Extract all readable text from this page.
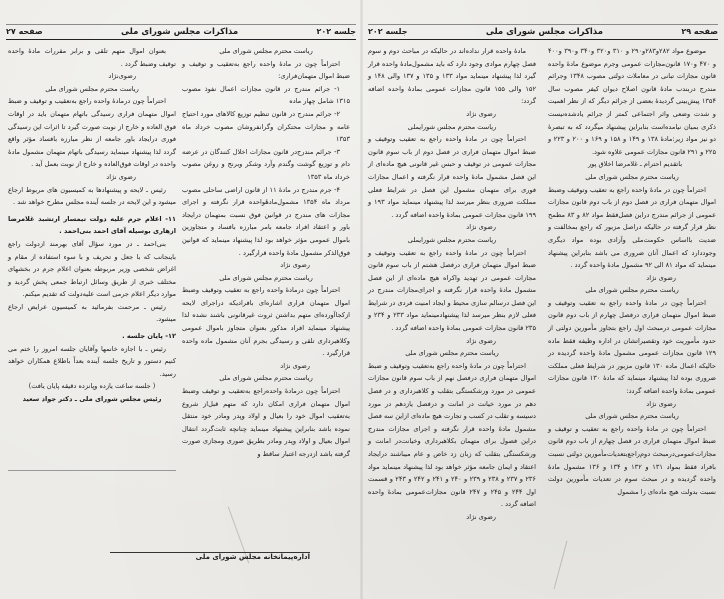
جلسه ۲۰۲
مذاکرات مجلس شورای ملی
صفحه ۲۷

ریاست محترم مجلس شورای ملی

احتراماً چون در مادهٔ واحده راجع به‌تعقیب و توقیف و ضبط اموال متهمان‌فراری:

۱- جرائم مندرج در قانون مجازات اعمال نفوذ مصوب ۱۳۱۵ شامل چهار ماده

۲- جرائم مندرج در قانون تنظیم توزیع کالاهای مورد احتیاج عامه و مجازات محتکران وگرانفروشان مصوب خرداد ماه ۱۳۵۳

۳- جرائم مندرج‌در قانون مجازات اخلال کنندگان در عرضه دام و توزیع گوشت وگندم وآرد وشکر وبرنج و روغن مصوب خرداد ماه ۱۳۵۳

۴- جرم مندرج در مادهٔ ۱۱ از قانون اراضی ساحلی مصوب مرداد ماه ۱۳۵۴ مشمول‌مادهٔواحده قرار نگرفته و اجرای مجازات های مندرج در قوانین فوق نسبت بمتهمان درایجاد باور و اعتقاد افراد جامعه بامر مبارزه بافساد و متجاوزین باموال عمومی مؤثر خواهد بود لذا پیشنهاد مینماید که قوانین فوق‌الذکر مشمول مادهٔ واحده قرارگیرد .

رضوی نژاد

ریاست محترم مجلس شورای ملی

احتراماً چون درمادهٔ واحده راجع به تعقیب وتوقیف وضبط اموال متهمان فراری اشاره‌ای بافرادیکه دراجرای لایحه ازکجاآورده‌ای متهم بداشتن ثروت غیرقانونی باشند نشده لذا پیشنهاد مینماید افراد مذکور بعنوان متجاوز باموال عمومی وکلاهبرداری تلقی و رسیدگی بجرم آنان مشمول ماده واحده قرارگیرد .

رضوی نژاد

ریاست محترم مجلس شورای ملی

احتراماً چون درمادهٔ واحده‌راجع به‌تعقیب و توقیف وضبط اموال متهمان فراری امکان دارد که متهم قبل‌از شروع به‌تعقیب اموال خود را بعیال و اولاد وپدر ومادر خود منتقل نموده باشد بنابراین پیشنهاد مینماید چنانچه ثابت‌گردد انتقال اموال بعیال و اولاد وپدر ومادر بطریق صوری ومجازی صورت گرفته باشد ازدرجه اعتبار ساقط و

بعنوان اموال متهم تلقی و برابر مقررات مادهٔ واحده توقیف وضبط گردد .

رضوی‌نژاد

ریاست محترم مجلس شورای ملی

احتراماً چون درمادهٔ واحده راجع به‌تعقیب و توقیف و ضبط اموال متهمان فراری رسیدگی باتهام متهمان باید در اوقات فوق العاده و خارج از نوبت صورت گیرد تا اثرات این رسیدگی فوری درایجاد باور جامعه از نظر مبارزه بافساد مؤثر واقع گردد لذا پیشنهاد مینماید رسیدگی باتهام متهمان مشمول مادهٔ واحده در اوقات فوق‌العاده و خارج از نوبت بعمل آید .

رضوی نژاد

رئیس ـ لایحه و پیشنهادها به کمیسیون های مربوط ارجاع میشود و این لایحه در جلسه آینده مجلس مطرح خواهد شد .

۱۱- اعلام جرم علیه دولت تیمسار ارتشبد غلامرضا ازهاری بوسیله آقای احمد بنی‌احمد .

بنی‌احمد ـ در مورد سؤال آقای بهرمند ازدولت راجع باینجانب که با جعل و تحریف و با سوء استفاده از مقام و اغراض شخصی وزیر مربوطه بعنوان اعلام جرم در بخشهای مختلف خبری از طریق وسائل ارتباط جمعی پخش گردید و موارد دیگر اعلام جرمی است علیه‌دولت که تقدیم میکنم.

رئیس ـ مرحمت بفرمائید به کمیسیون عرایض ارجاع میشود.

۱۲- پایان جلسه .

رئیس ـ با اجازه خانمها وآقایان جلسه امروز را ختم می کنیم دستور و تاریخ جلسه آینده بعداً باطلاع همکاران خواهد رسید.

( جلسه ساعت یازده وپانزده دقیقه پایان یافت)

رئیس مجلس شورای ملی ـ دکتر جواد سعید

اداره‌پیمانخانه مجلس شورای ملی
صفحه ۲۹
مذاکرات مجلس شورای ملی
جلسه ۲۰۲

موضوع مواد ۲۸۲و۲۸۳و۲۹۰ و ۳۱۰ و۳۲۰ و۳۴۰ و۳۹۰ و۴۰۰ و ۴۷۰ و۱۷۰ قانون‌مجازات عمومی وجرم موضوع مادهٔ واحده قانون مجازات تبانی در معاملات دولتی مصوب ۱۳۴۸ وجرائم مندرج دربندب مادهٔ قانون اصلاح دیوان کیفر مصوب سال ۱۳۵۴ پیش‌بینی گردیدهٔ بعضی از جرائم دیگر که از نظر اهمیت و شدت وضعی واثر اجتماعی کمتر از جرائم یادشده‌نیست ذکری بمیان نیامده‌است بنابراین پیشنهاد میگردد که به تبصرهٔ دو نیز مواد زیر:مادهٔ ۱۳۸ و ۱۴۹ و ۱۵۸ و ۱۶۹ و ۲۰۰ و ۲۲۳ و ۲۲۵ و ۲۹۱ قانون مجازات عمومی علاوه شود.

باتقدیم احترام ـ غلامرضا اخلاق پور

ریاست محترم مجلس شورای ملی

احتراماً چون در مادهٔ واحده راجع به تعقیب وتوقیف وضبط اموال متهمان فراری در فصل دوم از باب دوم قانون مجازات عمومی از جرائم مندرج دراین فصل‌فقط مواد ۸۲ و ۸۳ مطمح نظر قرار گرفته در حالیکه دراصل مزبور که راجع بمخالفت و ضدیت بااساس حکومت‌ملی وآزادی بوده مواد دیگری وجوددارد که اعمال آنان ضروری می باشد بنابراین پیشنهاد مینماید که مواد ۸۱ الی ۹۲ مشمول مادهٔ واحده گردد .

رضوی نژاد

ریاست محترم مجلس شورای ملی

احتراماً چون در مادهٔ واحده راجع به تعقیب وتوقیف و ضبط اموال متهمان فراری درفصل چهارم از باب دوم قانون مجازات عمومی درمبحث اول راجع بتجاوز مأمورین دولتی از حدود مأموریت خود وتقصیراتشان در اداره وظیفه فقط ماده ۱۲۹ قانون مجازات عمومی مشمول مادهٔ واحده گردیده در حالیکه اعمال ماده ۱۳۰ قانون مزبور در شرایط فعلی مملکت ضروری بوده لذا پیشنهاد مینماید که مادهٔ ۱۳۰ قانون مجازات عمومی بمادهٔ واحده اضافه گردد:

رضوی نژاد

ریاست محترم مجلس شورای ملی

احتراماً چون در مادهٔ واحده راجع به تعقیب و توقیف و ضبط اموال متهمان فراری در فصل چهارم از باب دوم قانون مجازات‌عمومی‌درمبحث دوم‌راجع‌بتعدیات‌مأمورین دولتی نسبت بافراد فقط بمواد ۱۳۱ و ۱۳۲ و ۱۳۴ و ۱۳۶ مشمول مادهٔ واحده گردیده و در مبحث سوم در تعدیات مأمورین دولت نسبت بدولت هیچ ماده‌ای را مشمول

مادهٔ واحده قرار نداده‌اند در حالیکه در مباحث دوم و سوم فصل چهارم موادی وجود دارد که باید مشمول‌مادهٔ واحده قرار گیرد لذا پیشنهاد مینماید مواد ۱۳۳ و ۱۳۵ و ۱۳۷ والی ۱۴۸ و ۱۵۲ والی ۱۵۵ قانون مجازات عمومی بمادهٔ واحده اضافه گردد:

رضوی نژاد

ریاست محترم مجلس شورایملی

احتراماً چون در مادهٔ واحده راجع به تعقیب وتوقیف و ضبط اموال متهمان فراری در فصل دوم از باب سوم قانون مجازات عمومی در توقیف و حبس غیر قانونی هیچ ماده‌ای از این فصل مشمول مادهٔ واحده قرار نگرفته و اعمال مجازات فوری برای متهمان مشمول این فصل در شرایط فعلی مملکت ضروری بنظر میرسد لذا پیشنهاد مینماید مواد ۱۹۳ و ۱۹۹ قانون مجازات عمومی بمادهٔ واحده اضافه گردد .

رضوی نژاد

ریاست محترم مجلس شورایملی

احتراماً چون در مادهٔ واحده راجع به تعقیب وتوقیف و ضبط اموال متهمان فراری درفصل هشتم از باب سوم قانون مجازات عمومی در تهدید واکراه هیچ ماده‌ای از این فصل مشمول مادهٔ واحده قرار نگرفته و اجرای‌مجازات مندرج در این فصل درسالم سازی محیط و ایجاد امنیت فردی در شرایط فعلی لازم بنظر میرسد لذا پیشنهادمینماید مواد ۲۳۳ و ۲۳۴ و ۲۳۵ قانون مجازات عمومی بمادهٔ واحده اضافه گردد .

رضوی نژاد

ریاست محترم مجلس شورای ملی

احتراماً چون در مادهٔ واحده راجع به‌تعقیب وتوقیف و ضبط اموال متهمان فراری درفصل نهم از باب سوم قانون مجازات عمومی در مورد ورشکستگی بتقلب و کلاهبرداری و در فصل دهم در مورد خیانت در امانت و درفصل یازدهم در مورد دسیسه و تقلب در کسب و تجارت هیچ ماده‌ای ازاین سه فصل مشمول مادهٔ واحده قرار نگرفته و اجرای مجازات مندرج دراین فصول برای متهمان بکلاهبرداری وخیانت‌در امانت و ورشکستگی بتقلب که زبان زد خاص و عام میباشند درایجاد اعتقاد و ایمان جامعه مؤثر خواهد بود لذا پیشنهاد مینماید مواد ۲۳۶ و ۲۳۷ و ۲۳۸ و ۲۳۹ و ۲۴۰ و ۲۴۱ و ۲۴۲ و ۲۴۳ و قسمت اول ۲۴۴ و ۲۴۵ و ۲۴۷ قانون مجازات‌عمومی بمادهٔ واحده اضافه گردد .

رضوی نژاد
